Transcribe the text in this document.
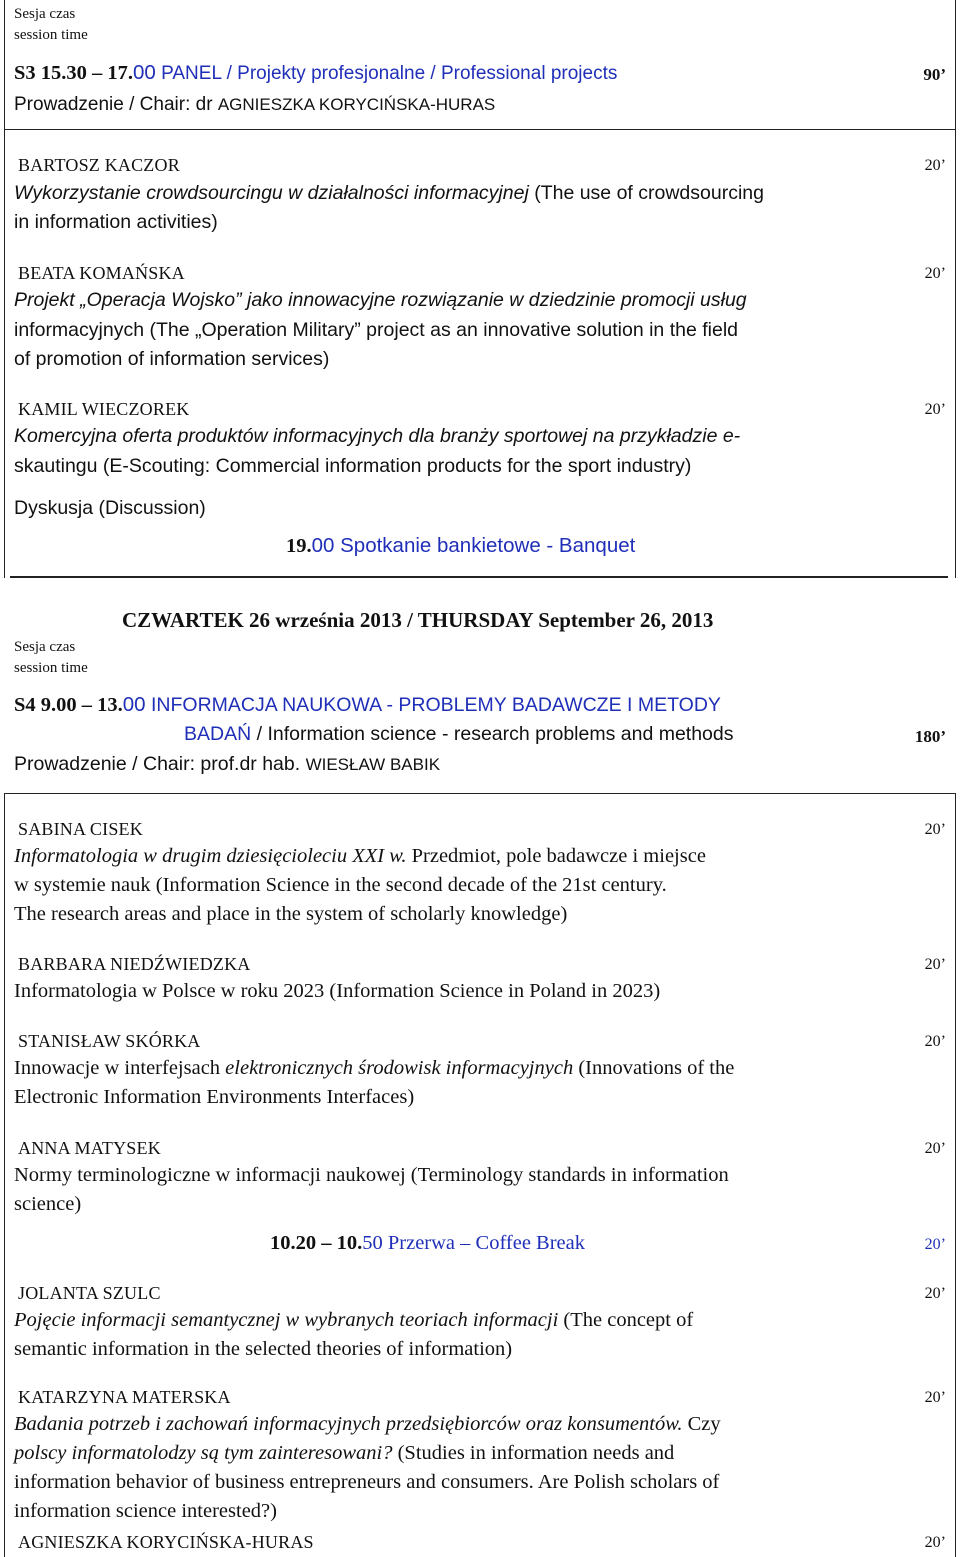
Sesja czas
session time
S3 15.30 – 17.00 PANEL / Projekty profesjonalne / Professional projects	90’
Prowadzenie / Chair: dr AGNIESZKA KORYCIŃSKA-HURAS
BARTOSZ KACZOR	20’
Wykorzystanie crowdsourcingu w działalności informacyjnej (The use of crowdsourcing
in information activities)
BEATA KOMAŃSKA	20’
Projekt „Operacja Wojsko” jako innowacyjne rozwiązanie w dziedzinie promocji usług
informacyjnych (The „Operation Military” project as an innovative solution in the field
of promotion of information services)
KAMIL WIECZOREK	20’
Komercyjna oferta produktów informacyjnych dla branży sportowej na przykładzie e-
skautingu (E-Scouting: Commercial information products for the sport industry)
Dyskusja (Discussion)
19.00 Spotkanie bankietowe - Banquet
CZWARTEK 26 września 2013 / THURSDAY September 26, 2013
Sesja czas
session time
S4 9.00 – 13.00 INFORMACJA NAUKOWA - PROBLEMY BADAWCZE I METODY
BADAŃ / Information science - research problems and methods	180’
Prowadzenie / Chair: prof.dr hab. WIESŁAW BABIK
SABINA CISEK	20’
Informatologia w drugim dziesięcioleciu XXI w. Przedmiot, pole badawcze i miejsce
w systemie nauk (Information Science in the second decade of the 21st century.
The research areas and place in the system of scholarly knowledge)
BARBARA NIEDŹWIEDZKA	20’
Informatologia w Polsce w roku 2023 (Information Science in Poland in 2023)
STANISŁAW SKÓRKA	20’
Innowacje w interfejsach elektronicznych środowisk informacyjnych (Innovations of the
Electronic Information Environments Interfaces)
ANNA MATYSEK	20’
Normy terminologiczne w informacji naukowej (Terminology standards in information
science)
10.20 – 10.50 Przerwa – Coffee Break	20’
JOLANTA SZULC	20’
Pojęcie informacji semantycznej w wybranych teoriach informacji (The concept of
semantic information in the selected theories of information)
KATARZYNA MATERSKA	20’
Badania potrzeb i zachowań informacyjnych przedsiębiorców oraz konsumentów. Czy
polscy informatolodzy są tym zainteresowani? (Studies in information needs and
information behavior of business entrepreneurs and consumers. Are Polish scholars of
information science interested?)
AGNIESZKA KORYCIŃSKA-HURAS	20’
